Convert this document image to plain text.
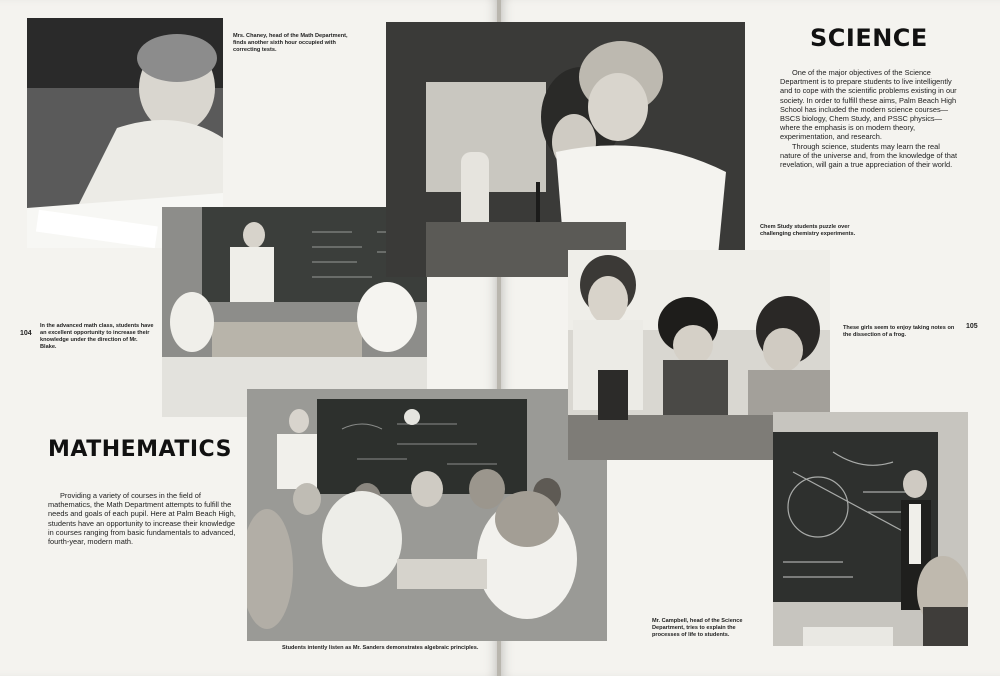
Mrs. Chaney, head of the Math Department, finds another sixth hour occupied with correcting tests.
In the advanced math class, students have an excellent opportunity to increase their knowledge under the direction of Mr. Blake.
104
MATHEMATICS
Providing a variety of courses in the field of mathematics, the Math Department attempts to fulfill the needs and goals of each pupil. Here at Palm Beach High, students have an opportunity to increase their knowledge in courses ranging from basic fundamentals to advanced, fourth-year, modern math.
Students intently listen as Mr. Sanders demonstrates algebraic principles.
Chem Study students puzzle over challenging chemistry experiments.
SCIENCE

One of the major objectives of the Science Department is to prepare students to live intelligently and to cope with the scientific problems existing in our society. In order to fulfill these aims, Palm Beach High School has included the modern science courses—BSCS biology, Chem Study, and PSSC physics—where the emphasis is on modern theory, experimentation, and research.

Through science, students may learn the real nature of the universe and, from the knowledge of that revelation, will gain a true appreciation of their world.

These girls seem to enjoy taking notes on the dissection of a frog.
105
Mr. Campbell, head of the Science Department, tries to explain the processes of life to students.
